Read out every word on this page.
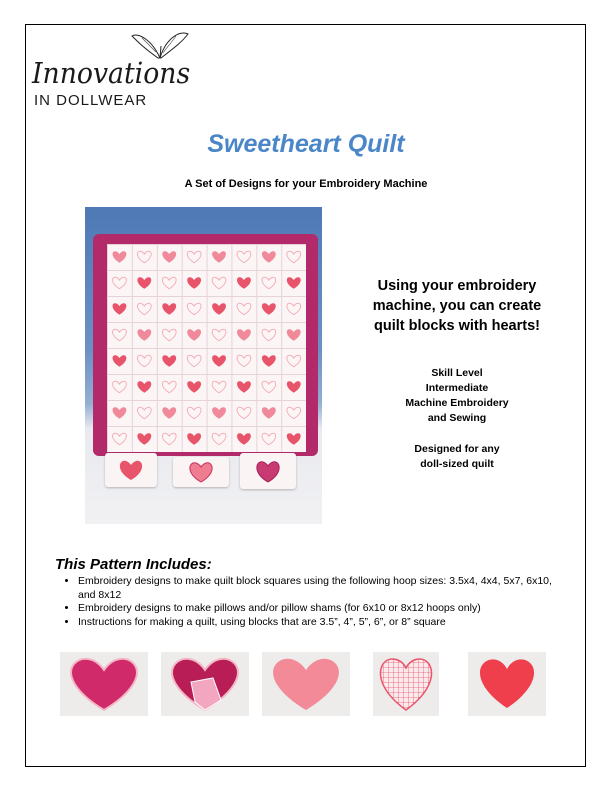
Innovations
IN DOLLWEAR
Sweetheart Quilt
A Set of Designs for your Embroidery Machine
Using your embroidery
machine, you can create
quilt blocks with hearts!
Skill Level
Intermediate
Machine Embroidery
and Sewing
Designed for any
doll-sized quilt
This Pattern Includes:
• Embroidery designs to make quilt block squares using the following hoop sizes: 3.5x4, 4x4, 5x7, 6x10, and 8x12
• Embroidery designs to make pillows and/or pillow shams (for 6x10 or 8x12 hoops only)
• Instructions for making a quilt, using blocks that are 3.5”, 4”, 5”, 6”, or 8” square
